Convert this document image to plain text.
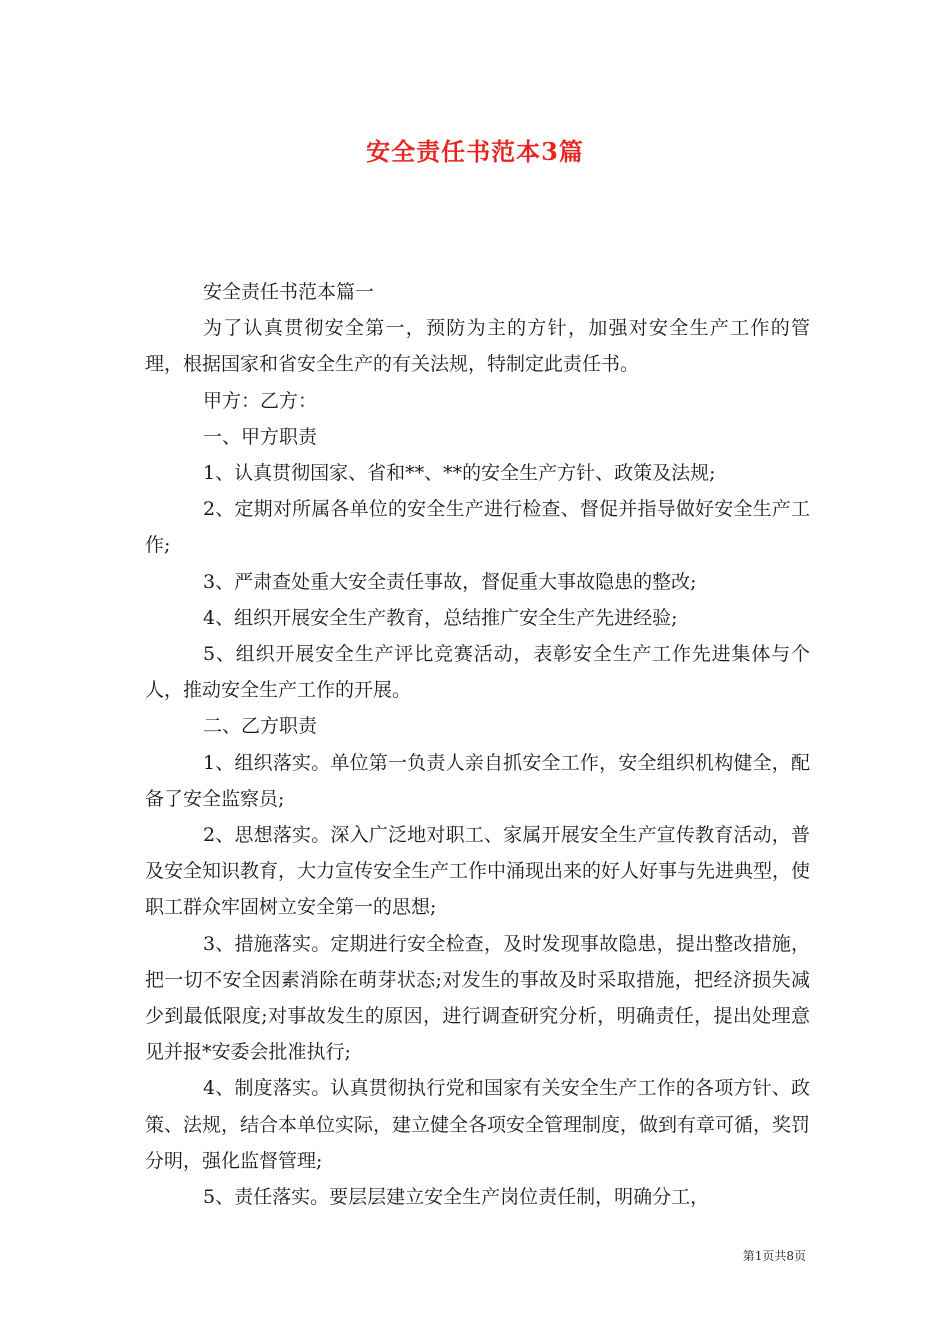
安全责任书范本3篇

安全责任书范本篇一

为了认真贯彻安全第一，预防为主的方针，加强对安全生产工作的管理，根据国家和省安全生产的有关法规，特制定此责任书。

甲方：乙方：

一、甲方职责

1、认真贯彻国家、省和**、**的安全生产方针、政策及法规;

2、定期对所属各单位的安全生产进行检查、督促并指导做好安全生产工作;

3、严肃查处重大安全责任事故，督促重大事故隐患的整改;

4、组织开展安全生产教育，总结推广安全生产先进经验;

5、组织开展安全生产评比竞赛活动，表彰安全生产工作先进集体与个人，推动安全生产工作的开展。

二、乙方职责

1、组织落实。单位第一负责人亲自抓安全工作，安全组织机构健全，配备了安全监察员;

2、思想落实。深入广泛地对职工、家属开展安全生产宣传教育活动，普及安全知识教育，大力宣传安全生产工作中涌现出来的好人好事与先进典型，使职工群众牢固树立安全第一的思想;

3、措施落实。定期进行安全检查，及时发现事故隐患，提出整改措施，把一切不安全因素消除在萌芽状态;对发生的事故及时采取措施，把经济损失减少到最低限度;对事故发生的原因，进行调查研究分析，明确责任，提出处理意见并报*安委会批准执行;

4、制度落实。认真贯彻执行党和国家有关安全生产工作的各项方针、政策、法规，结合本单位实际，建立健全各项安全管理制度，做到有章可循，奖罚分明，强化监督管理;

5、责任落实。要层层建立安全生产岗位责任制，明确分工，

第1页共8页
